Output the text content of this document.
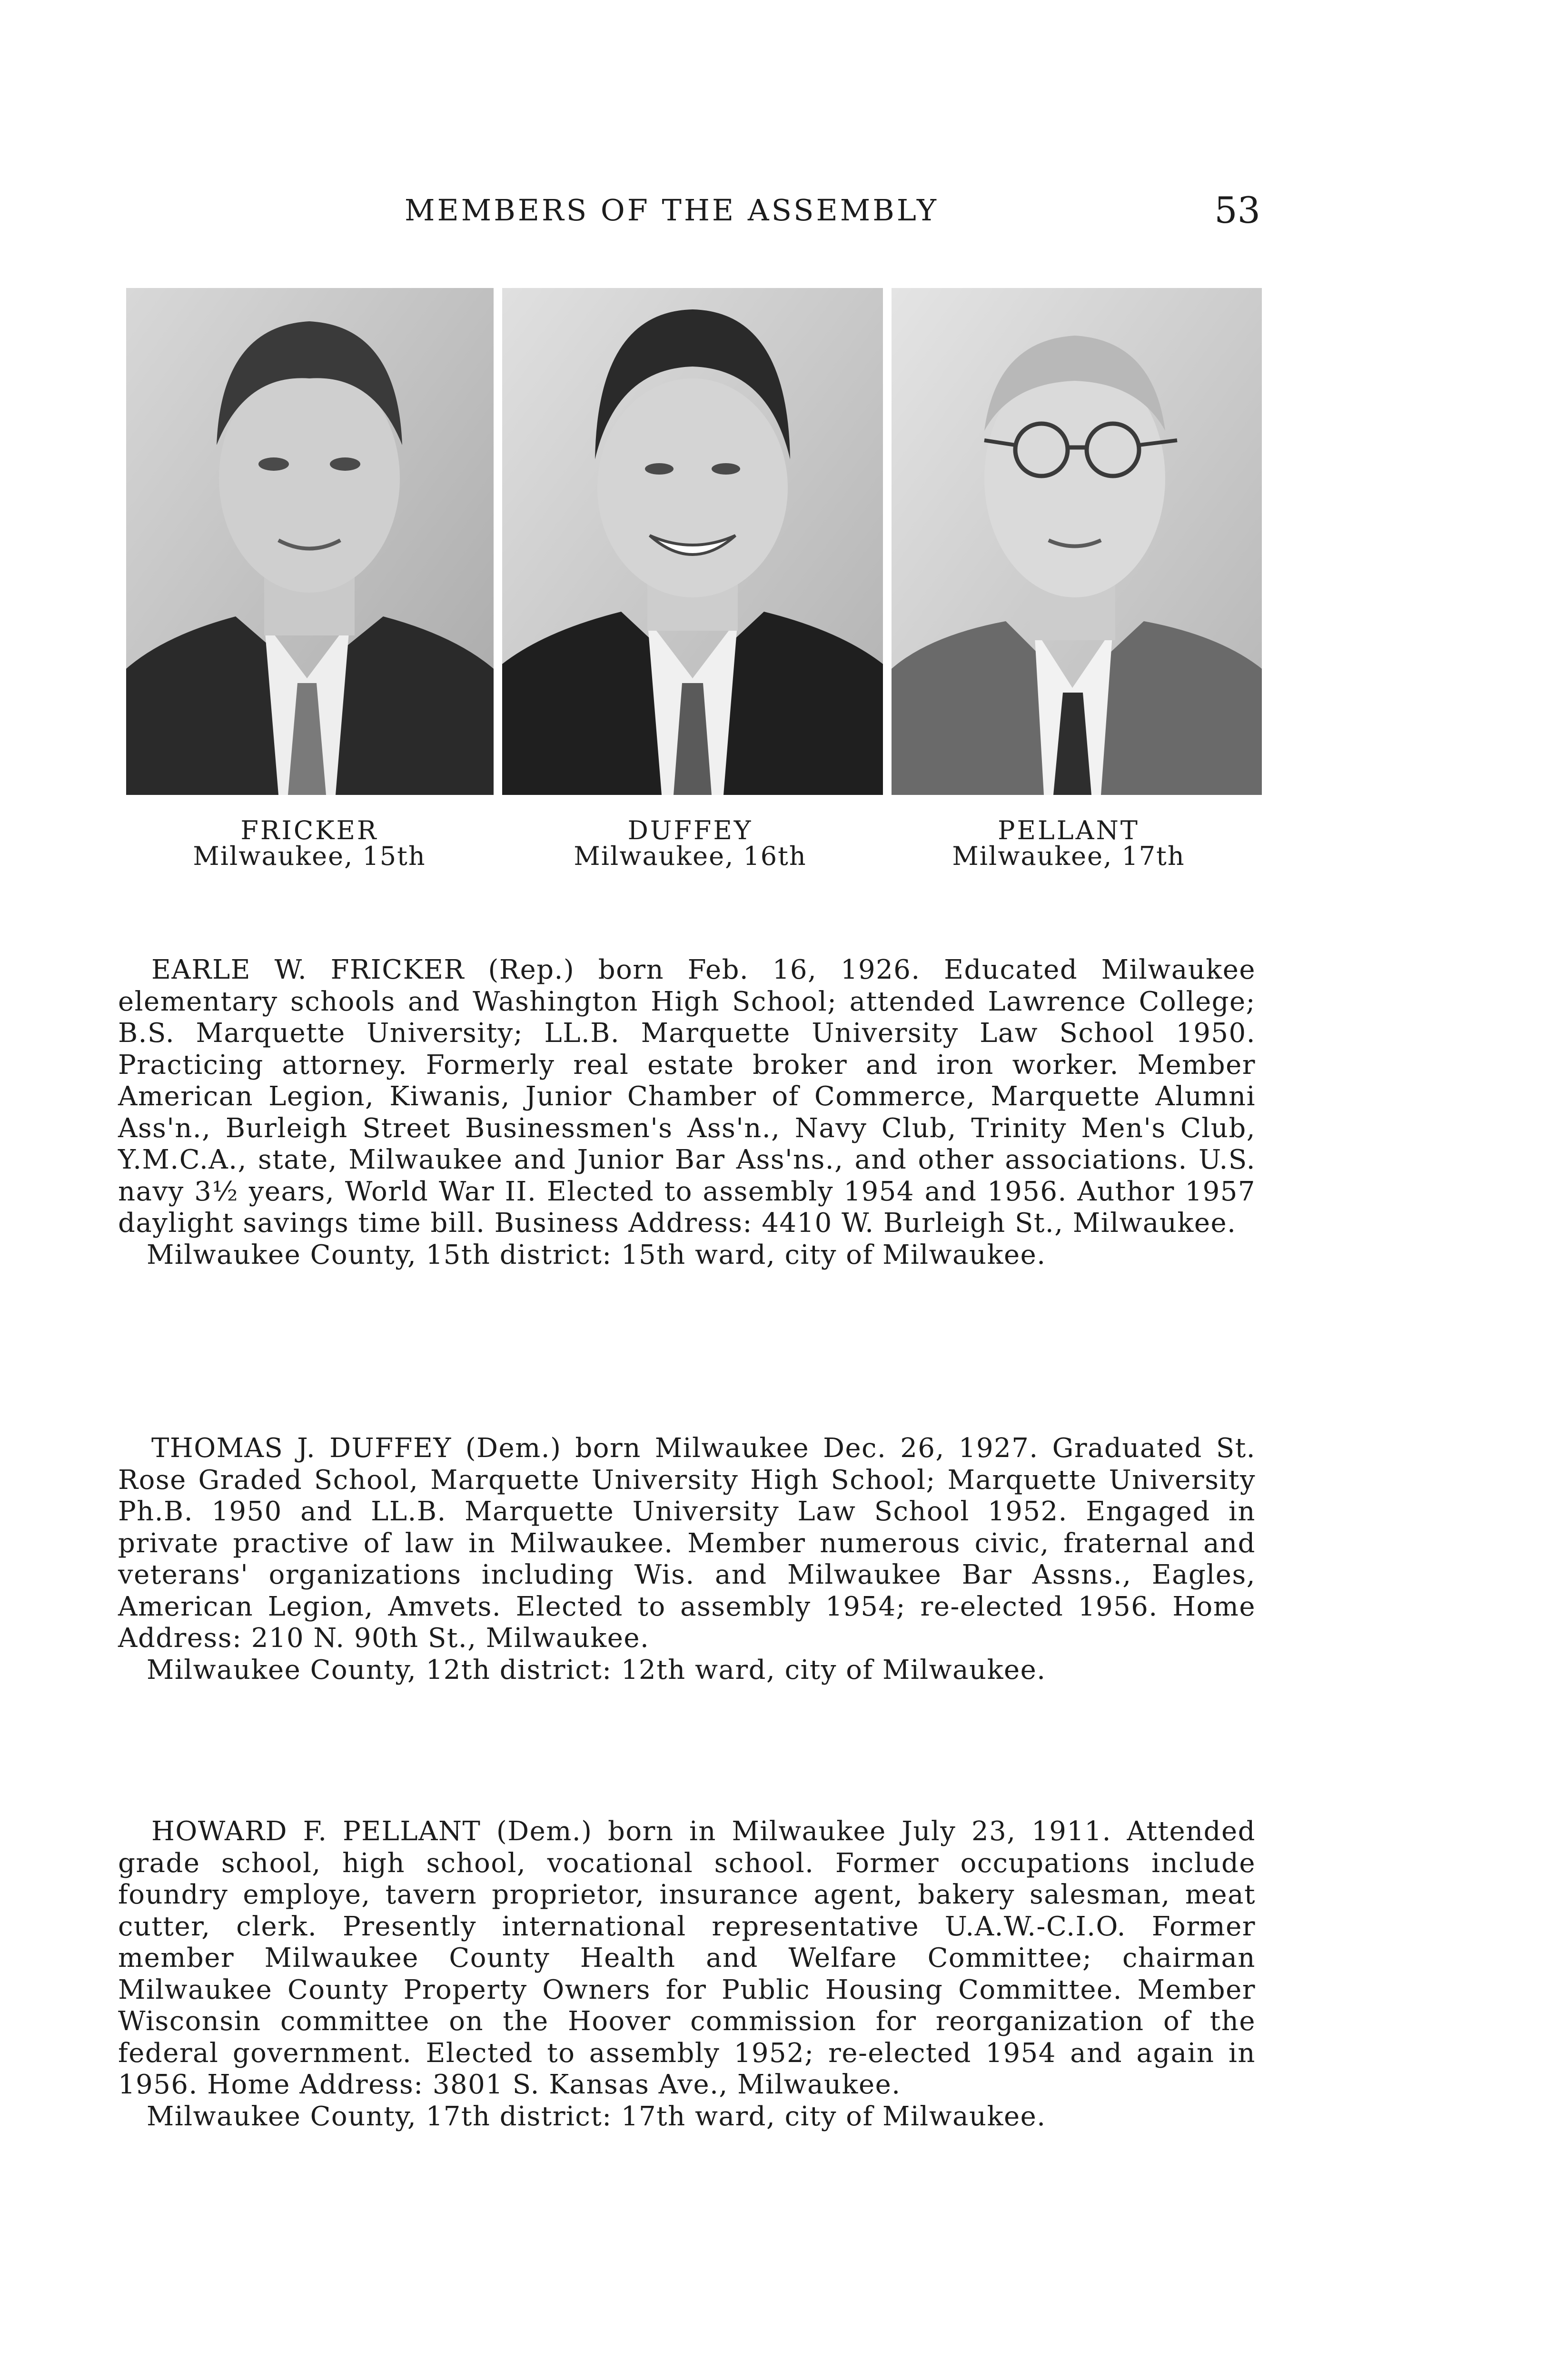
MEMBERS OF THE ASSEMBLY	53
FRICKER
Milwaukee, 15th
DUFFEY
Milwaukee, 16th
PELLANT
Milwaukee, 17th

EARLE W. FRICKER (Rep.) born Feb. 16, 1926. Educated Milwaukee elementary schools and Washington High School; attended Lawrence College; B.S. Marquette University; LL.B. Marquette University Law School 1950. Practicing attorney. Formerly real estate broker and iron worker. Member American Legion, Kiwanis, Junior Chamber of Commerce, Marquette Alumni Ass'n., Burleigh Street Businessmen's Ass'n., Navy Club, Trinity Men's Club, Y.M.C.A., state, Milwaukee and Junior Bar Ass'ns., and other associations. U.S. navy 3½ years, World War II. Elected to assembly 1954 and 1956. Author 1957 daylight savings time bill. Business Address: 4410 W. Burleigh St., Milwaukee.

Milwaukee County, 15th district: 15th ward, city of Milwaukee.

THOMAS J. DUFFEY (Dem.) born Milwaukee Dec. 26, 1927. Graduated St. Rose Graded School, Marquette University High School; Marquette University Ph.B. 1950 and LL.B. Marquette University Law School 1952. Engaged in private practive of law in Milwaukee. Member numerous civic, fraternal and veterans' organizations including Wis. and Milwaukee Bar Assns., Eagles, American Legion, Amvets. Elected to assembly 1954; re-elected 1956. Home Address: 210 N. 90th St., Milwaukee.

Milwaukee County, 12th district: 12th ward, city of Milwaukee.

HOWARD F. PELLANT (Dem.) born in Milwaukee July 23, 1911. Attended grade school, high school, vocational school. Former occupations include foundry employe, tavern proprietor, insurance agent, bakery salesman, meat cutter, clerk. Presently international representative U.A.W.-C.I.O. Former member Milwaukee County Health and Welfare Committee; chairman Milwaukee County Property Owners for Public Housing Committee. Member Wisconsin committee on the Hoover commission for reorganization of the federal government. Elected to assembly 1952; re-elected 1954 and again in 1956. Home Address: 3801 S. Kansas Ave., Milwaukee.

Milwaukee County, 17th district: 17th ward, city of Milwaukee.
